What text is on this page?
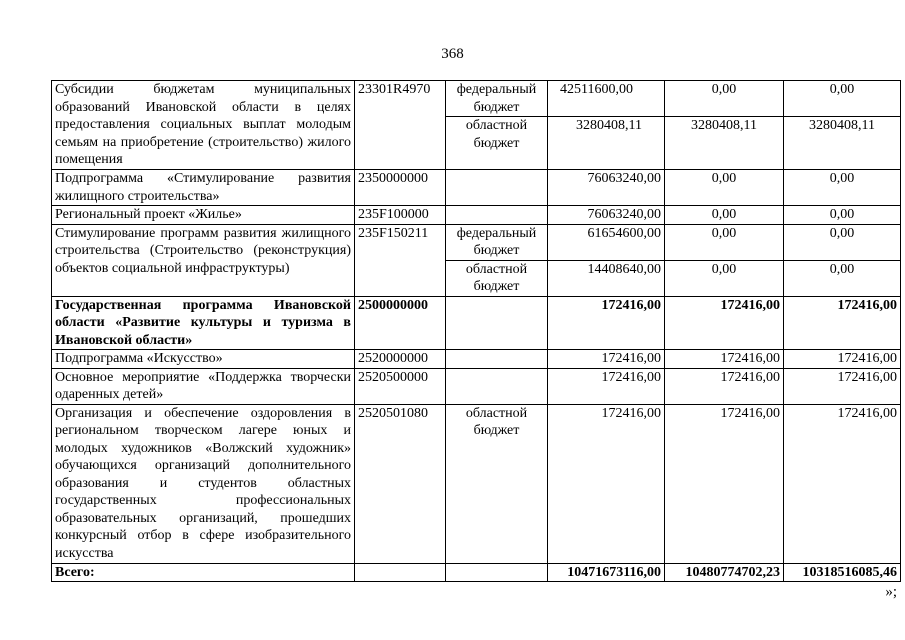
368
Субсидии бюджетам муниципальных образований Ивановской области в целях предоставления социальных выплат молодым семьям на приобретение (строительство) жилого помещения	23301R4970	федеральный бюджет	42511600,00	0,00	0,00
		областной бюджет	3280408,11	3280408,11	3280408,11
Подпрограмма «Стимулирование развития жилищного строительства»	2350000000		76063240,00	0,00	0,00
Региональный проект «Жилье»	235F100000		76063240,00	0,00	0,00
Стимулирование программ развития жилищного строительства (Строительство (реконструкция) объектов социальной инфраструктуры)	235F150211	федеральный бюджет	61654600,00	0,00	0,00
		областной бюджет	14408640,00	0,00	0,00
Государственная программа Ивановской области «Развитие культуры и туризма в Ивановской области»	2500000000		172416,00	172416,00	172416,00
Подпрограмма «Искусство»	2520000000		172416,00	172416,00	172416,00
Основное мероприятие «Поддержка творчески одаренных детей»	2520500000		172416,00	172416,00	172416,00
Организация и обеспечение оздоровления в региональном творческом лагере юных и молодых художников «Волжский художник» обучающихся организаций дополнительного образования и студентов областных государственных профессиональных образовательных организаций, прошедших конкурсный отбор в сфере изобразительного искусства	2520501080	областной бюджет	172416,00	172416,00	172416,00
Всего:			10471673116,00	10480774702,23	10318516085,46
»;
